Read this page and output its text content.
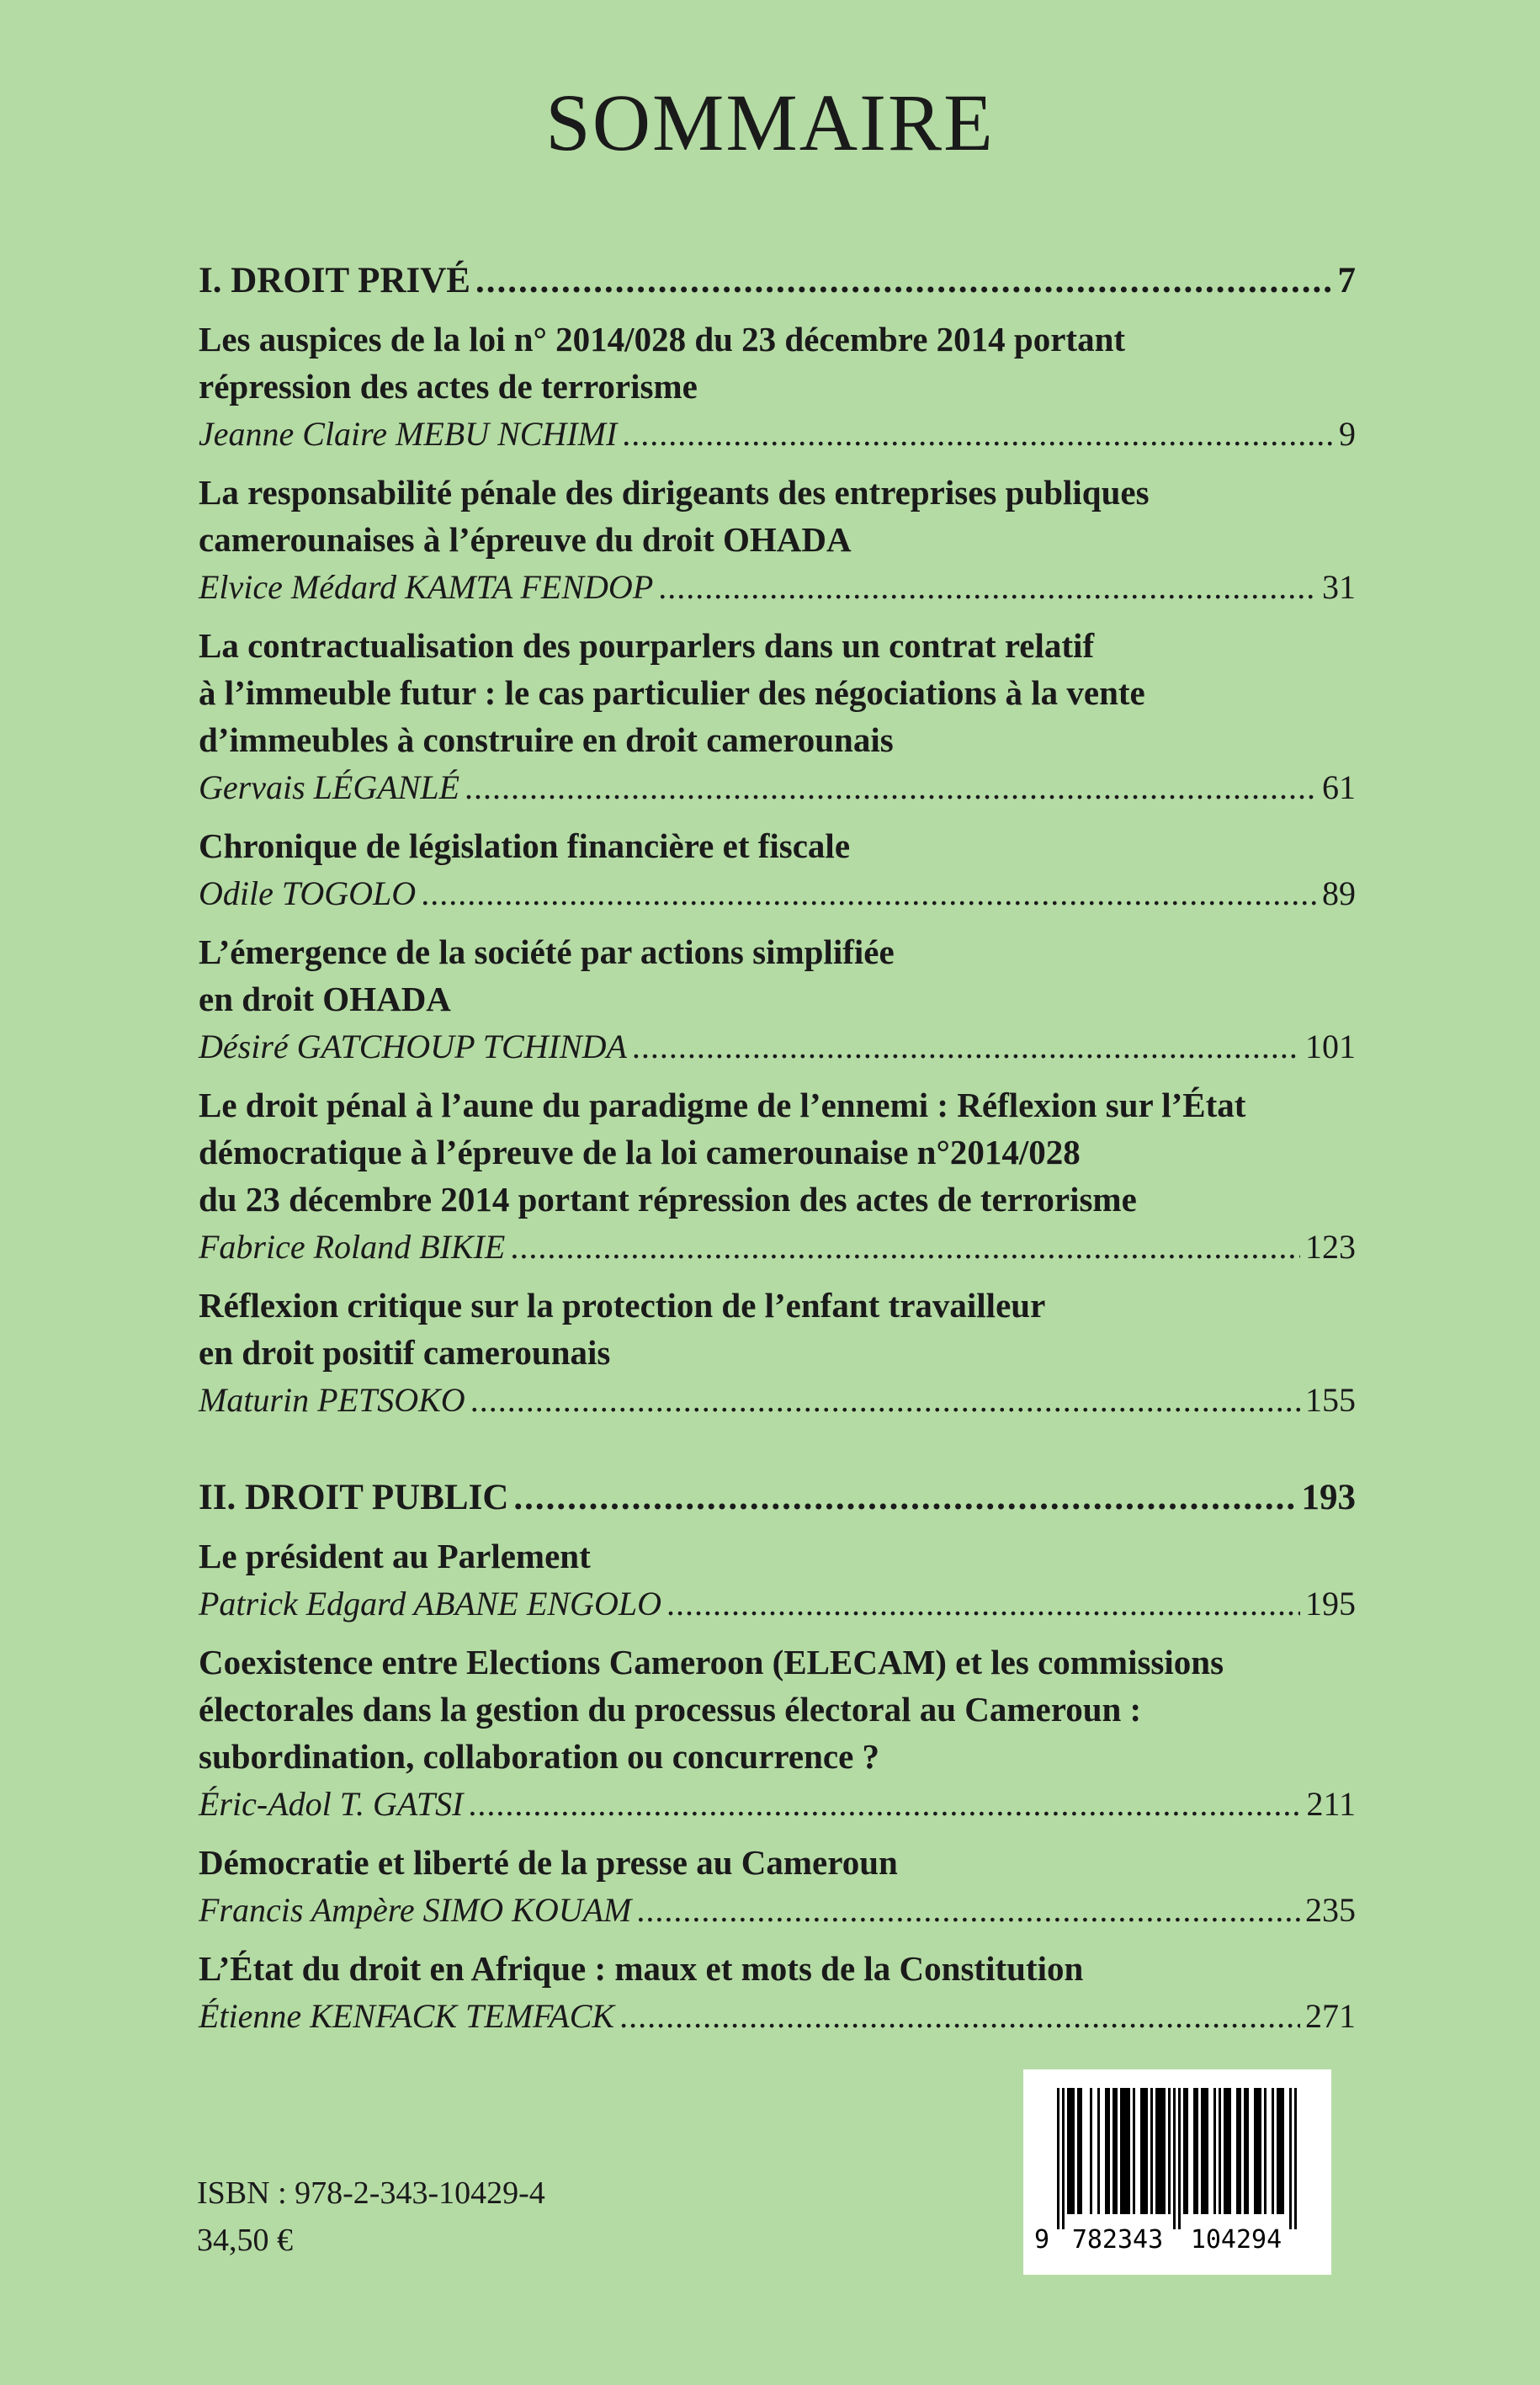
SOMMAIRE
I. DROIT PRIVÉ .....	7
Les auspices de la loi n° 2014/028 du 23 décembre 2014 portant
répression des actes de terrorisme
Jeanne Claire MEBU NCHIMI .....	9
La responsabilité pénale des dirigeants des entreprises publiques
camerounaises à l’épreuve du droit OHADA
Elvice Médard KAMTA FENDOP .....	31
La contractualisation des pourparlers dans un contrat relatif
à l’immeuble futur : le cas particulier des négociations à la vente
d’immeubles à construire en droit camerounais
Gervais LÉGANLÉ .....	61
Chronique de législation financière et fiscale
Odile TOGOLO .....	89
L’émergence de la société par actions simplifiée
en droit OHADA
Désiré GATCHOUP TCHINDA .....	101
Le droit pénal à l’aune du paradigme de l’ennemi : Réflexion sur l’État
démocratique à l’épreuve de la loi camerounaise n°2014/028
du 23 décembre 2014 portant répression des actes de terrorisme
Fabrice Roland BIKIE .....	123
Réflexion critique sur la protection de l’enfant travailleur
en droit positif camerounais
Maturin PETSOKO .....	155
II. DROIT PUBLIC .....	193
Le président au Parlement
Patrick Edgard ABANE ENGOLO .....	195
Coexistence entre Elections Cameroon (ELECAM) et les commissions
électorales dans la gestion du processus électoral au Cameroun :
subordination, collaboration ou concurrence ?
Éric-Adol T. GATSI .....	211
Démocratie et liberté de la presse au Cameroun
Francis Ampère SIMO KOUAM .....	235
L’État du droit en Afrique : maux et mots de la Constitution
Étienne KENFACK TEMFACK .....	271
ISBN : 978-2-343-10429-4
34,50 €	9 782343 104294
